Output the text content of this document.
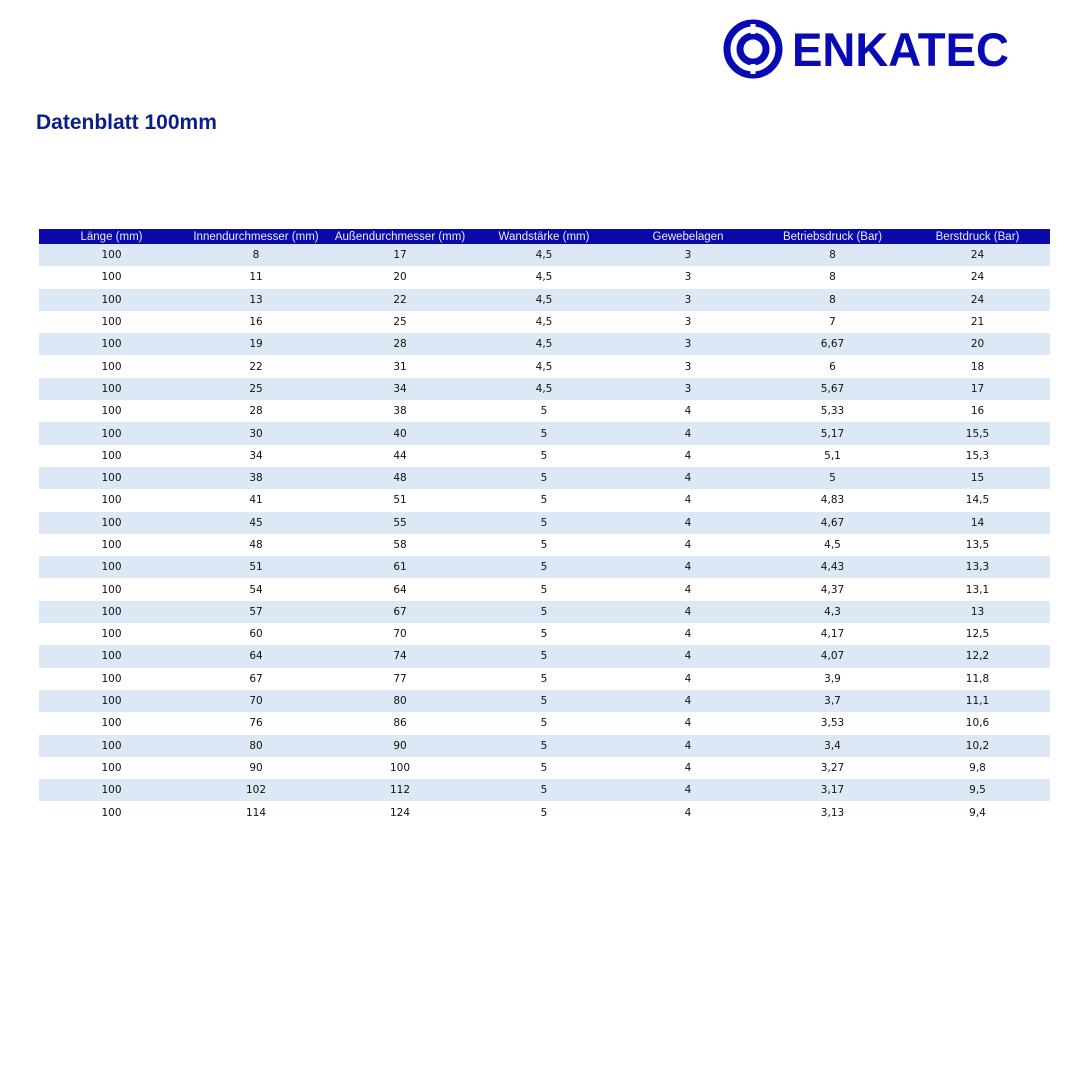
ENKATEC
Datenblatt 100mm
Länge (mm)	Innendurchmesser (mm)	Außendurchmesser (mm)	Wandstärke (mm)	Gewebelagen	Betriebsdruck (Bar)	Berstdruck (Bar)
100	8	17	4,5	3	8	24
100	11	20	4,5	3	8	24
100	13	22	4,5	3	8	24
100	16	25	4,5	3	7	21
100	19	28	4,5	3	6,67	20
100	22	31	4,5	3	6	18
100	25	34	4,5	3	5,67	17
100	28	38	5	4	5,33	16
100	30	40	5	4	5,17	15,5
100	34	44	5	4	5,1	15,3
100	38	48	5	4	5	15
100	41	51	5	4	4,83	14,5
100	45	55	5	4	4,67	14
100	48	58	5	4	4,5	13,5
100	51	61	5	4	4,43	13,3
100	54	64	5	4	4,37	13,1
100	57	67	5	4	4,3	13
100	60	70	5	4	4,17	12,5
100	64	74	5	4	4,07	12,2
100	67	77	5	4	3,9	11,8
100	70	80	5	4	3,7	11,1
100	76	86	5	4	3,53	10,6
100	80	90	5	4	3,4	10,2
100	90	100	5	4	3,27	9,8
100	102	112	5	4	3,17	9,5
100	114	124	5	4	3,13	9,4
